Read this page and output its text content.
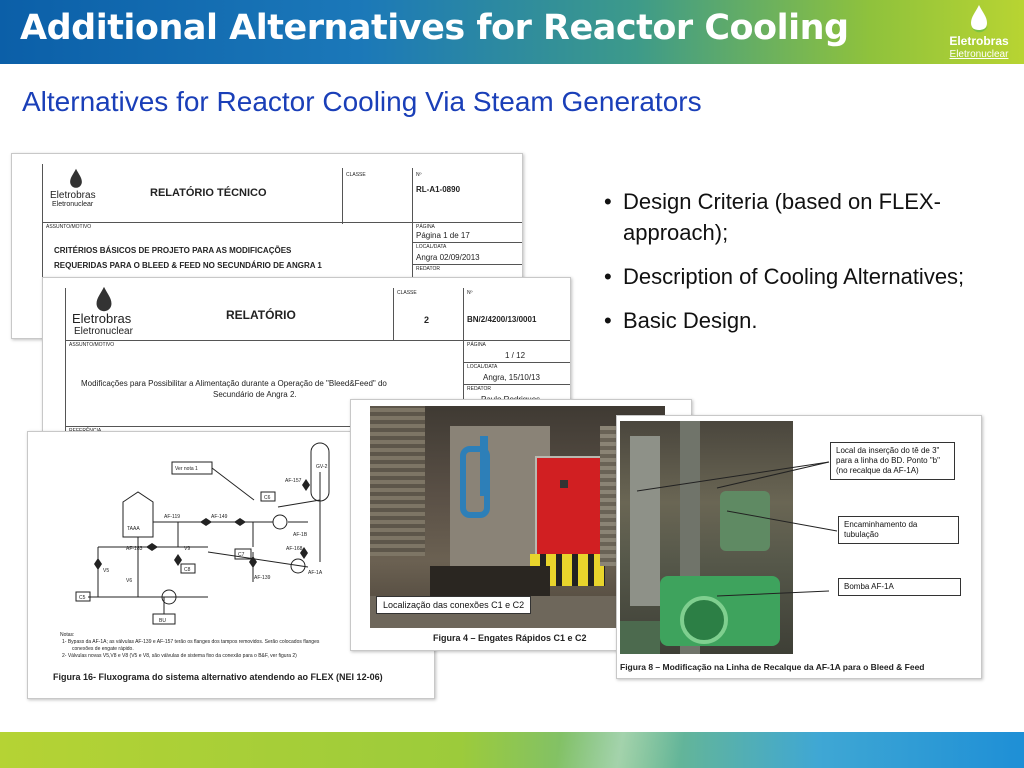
Additional Alternatives for Reactor Cooling	Eletrobras
Eletronuclear
Alternatives for Reactor Cooling Via Steam Generators
• Design Criteria (based on FLEX-approach);
• Description of Cooling Alternatives;
• Basic Design.
Eletrobras
Eletronuclear
RELATÓRIO TÉCNICO
CLASSE	Nº
RL-A1-0890
ASSUNTO/MOTIVO
CRITÉRIOS BÁSICOS DE PROJETO PARA AS MODIFICAÇÕES
REQUERIDAS PARA O BLEED & FEED NO SECUNDÁRIO DE ANGRA 1
PÁGINA
Página 1 de 17
LOCAL/DATA
Angra 02/09/2013
REDATOR
Eletrobras
Eletronuclear
RELATÓRIO
CLASSE
2
Nº
BN/2/4200/13/0001
ASSUNTO/MOTIVO
Modificações para Possibilitar a Alimentação durante a Operação de "Bleed&Feed" do
Secundário de Angra 2.
PÁGINA
1 / 12
LOCAL/DATA
Angra, 15/10/13
REDATOR
Ver nota 1	GV-2
AF-157
C6
TAAA
AF-119	AF-149
AF-1B
AF-183	V9
C7
AF-168
V5
V6
C8
AF-139
AF-1A
C5
BU
Notas:
1- Bypass da AF-1A; as válvulas AF-139 e AF-157 terão os flanges dos tampos removidos. Serão colocados flanges
conexões de engate rápido.
2- Válvulas novas V5,V8 e V8 (V5 e V8, são válvulas de sistema fixo da conexão para o B&F, ver figura 2)
Figura 16- Fluxograma do sistema alternativo atendendo ao FLEX (NEI 12-06)
Localização das conexões C1 e C2
Figura 4 – Engates Rápidos C1 e C2
Local da inserção do tê de 3" para a linha do BD. Ponto "b" (no recalque da AF-1A)
Encaminhamento da tubulação
Bomba AF-1A
Figura 8 – Modificação na Linha de Recalque da AF-1A para o Bleed & Feed
